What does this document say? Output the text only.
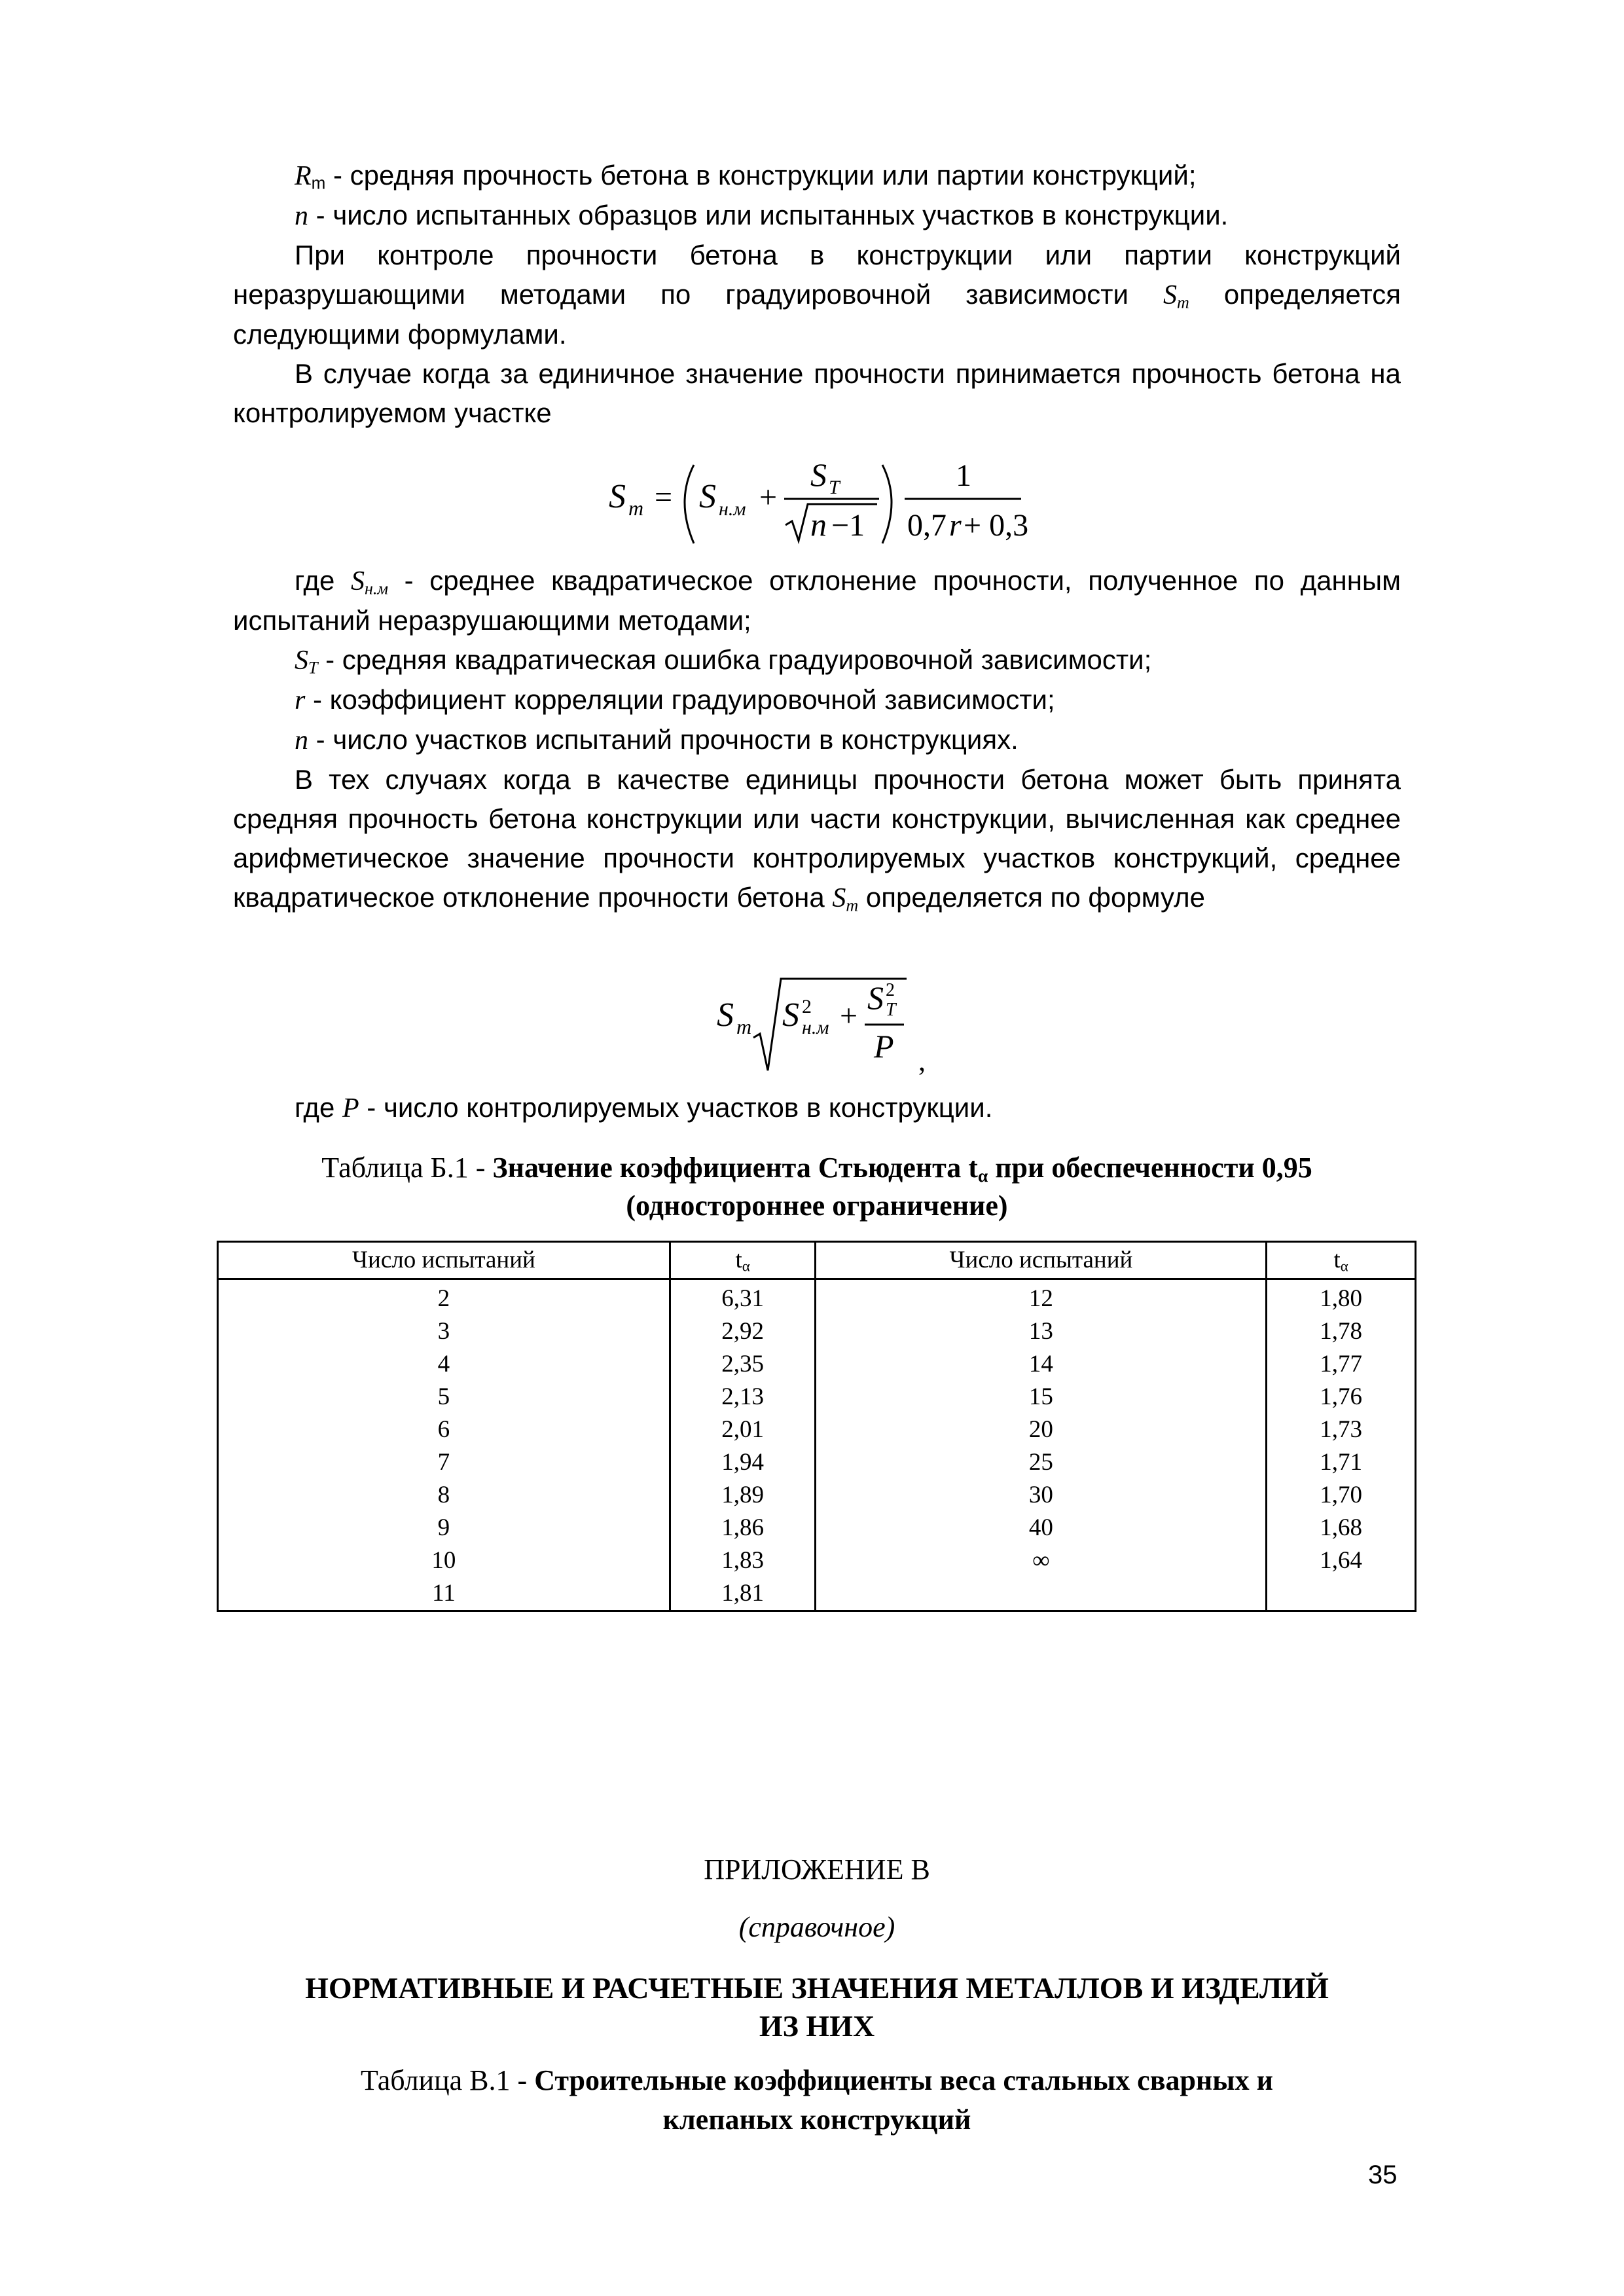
$R_m$ - средняя прочность бетона в конструкции или партии конструкций;

n - число испытанных образцов или испытанных участков в конструкции.

При контроле прочности бетона в конструкции или партии конструкций неразрушающими методами по градуировочной зависимости $S_m$ определяется следующими формулами.

В случае когда за единичное значение прочности принимается прочность бетона на контролируемом участке

S m = S н.м +
S T
n −1
1
0,7 r + 0,3

где $S_{н.м}$ - среднее квадратическое отклонение прочности, полученное по данным испытаний неразрушающими методами;

$S_T$ - средняя квадратическая ошибка градуировочной зависимости;

r - коэффициент корреляции градуировочной зависимости;

n - число участков испытаний прочности в конструкциях.

В тех случаях когда в качестве единицы прочности бетона может быть принята средняя прочность бетона конструкции или части конструкции, вычисленная как среднее арифметическое значение прочности контролируемых участков конструкций, среднее квадратическое отклонение прочности бетона $S_m$ определяется по формуле

S m S 2
н.м + S 2
T
P ,

где P - число контролируемых участков в конструкции.

Таблица Б.1 - Значение коэффициента Стьюдента $t_\alpha$ при обеспеченности 0,95
(одностороннее ограничение)
Число испытаний	$t_\alpha$	Число испытаний	$t_\alpha$
2	6,31	12	1,80
3	2,92	13	1,78
4	2,35	14	1,77
5	2,13	15	1,76
6	2,01	20	1,73
7	1,94	25	1,71
8	1,89	30	1,70
9	1,86	40	1,68
10	1,83	∞	1,64
11	1,81		
ПРИЛОЖЕНИЕ В
(справочное)
НОРМАТИВНЫЕ И РАСЧЕТНЫЕ ЗНАЧЕНИЯ МЕТАЛЛОВ И ИЗДЕЛИЙ
ИЗ НИХ
Таблица В.1 - Строительные коэффициенты веса стальных сварных и
клепаных конструкций
35
